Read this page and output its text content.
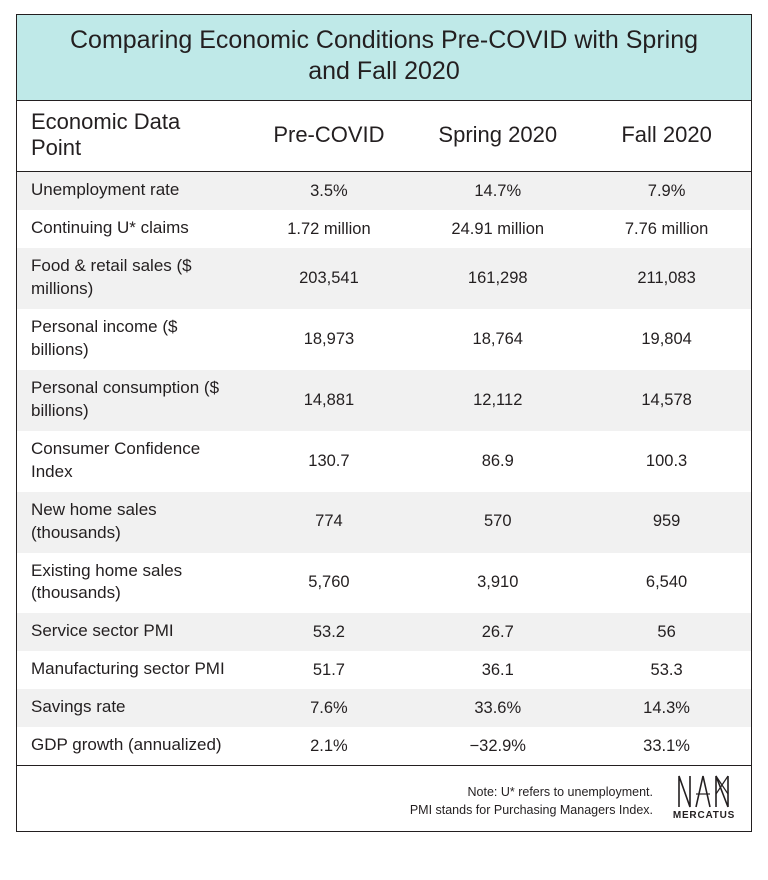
Comparing Economic Conditions Pre-COVID with Spring and Fall 2020
Economic Data Point	Pre-COVID	Spring 2020	Fall 2020
Unemployment rate	3.5%	14.7%	7.9%
Continuing U* claims	1.72 million	24.91 million	7.76 million
Food & retail sales ($ millions)	203,541	161,298	211,083
Personal income ($ billions)	18,973	18,764	19,804
Personal consumption ($ billions)	14,881	12,112	14,578
Consumer Confidence Index	130.7	86.9	100.3
New home sales (thousands)	774	570	959
Existing home sales (thousands)	5,760	3,910	6,540
Service sector PMI	53.2	26.7	56
Manufacturing sector PMI	51.7	36.1	53.3
Savings rate	7.6%	33.6%	14.3%
GDP growth (annualized)	2.1%	−32.9%	33.1%
Note: U* refers to unemployment.
PMI stands for Purchasing Managers Index. MERCATUS
